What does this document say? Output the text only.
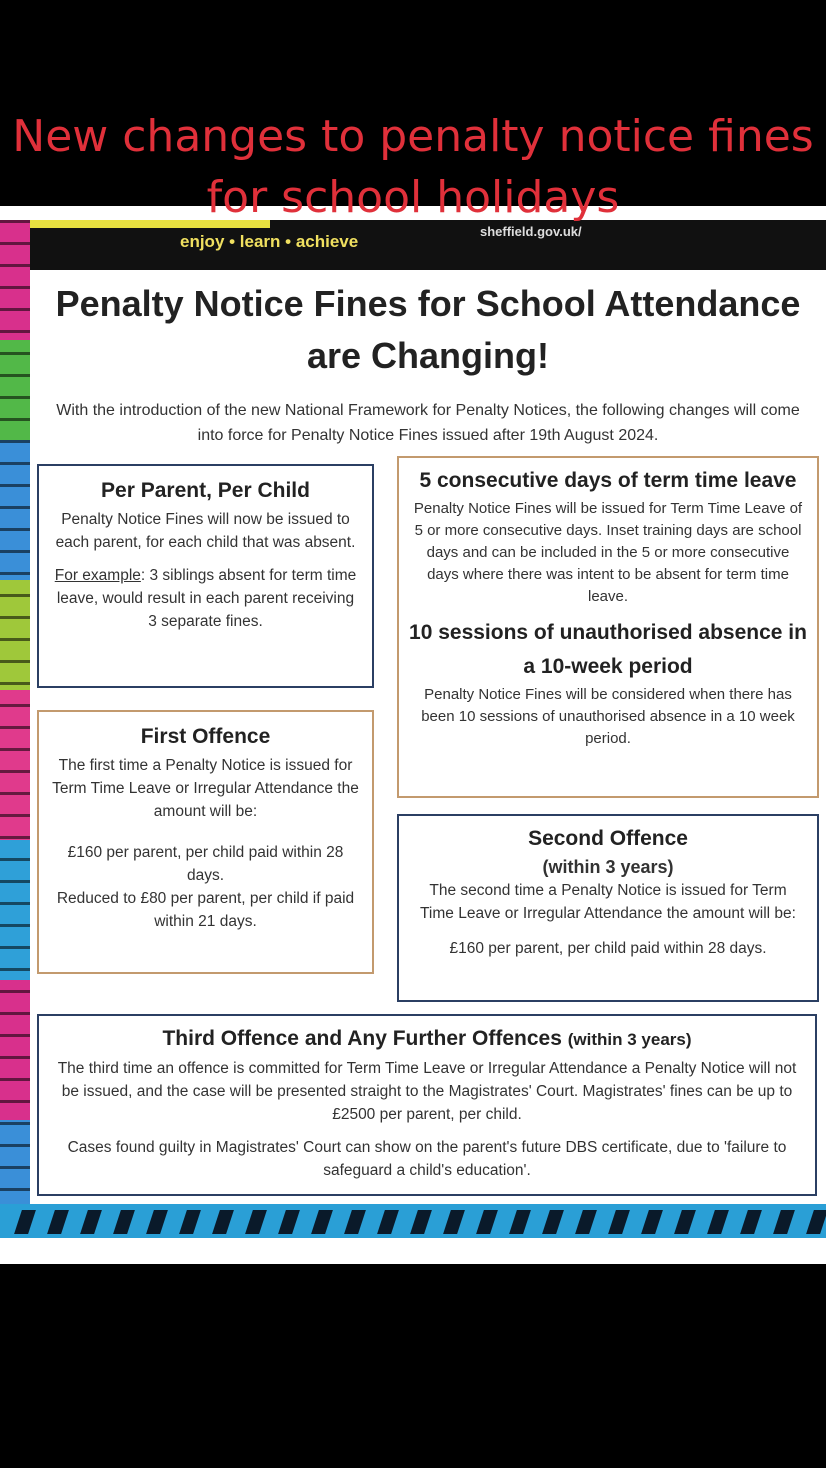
New changes to penalty notice fines for school holidays
enjoy • learn • achieve
sheffield.gov.uk/
Penalty Notice Fines for School Attendance are Changing!
With the introduction of the new National Framework for Penalty Notices, the following changes will come into force for Penalty Notice Fines issued after 19th August 2024.
Per Parent, Per Child

Penalty Notice Fines will now be issued to each parent, for each child that was absent.

For example: 3 siblings absent for term time leave, would result in each parent receiving 3 separate fines.

5 consecutive days of term time leave

Penalty Notice Fines will be issued for Term Time Leave of 5 or more consecutive days. Inset training days are school days and can be included in the 5 or more consecutive days where there was intent to be absent for term time leave.

10 sessions of unauthorised absence in a 10-week period

Penalty Notice Fines will be considered when there has been 10 sessions of unauthorised absence in a 10 week period.

First Offence

The first time a Penalty Notice is issued for Term Time Leave or Irregular Attendance the amount will be:

£160 per parent, per child paid within 28 days.

Reduced to £80 per parent, per child if paid within 21 days.

Second Offence
(within 3 years)

The second time a Penalty Notice is issued for Term Time Leave or Irregular Attendance the amount will be:

£160 per parent, per child paid within 28 days.

Third Offence and Any Further Offences (within 3 years)

The third time an offence is committed for Term Time Leave or Irregular Attendance a Penalty Notice will not be issued, and the case will be presented straight to the Magistrates' Court. Magistrates' fines can be up to £2500 per parent, per child.

Cases found guilty in Magistrates' Court can show on the parent's future DBS certificate, due to 'failure to safeguard a child's education'.
